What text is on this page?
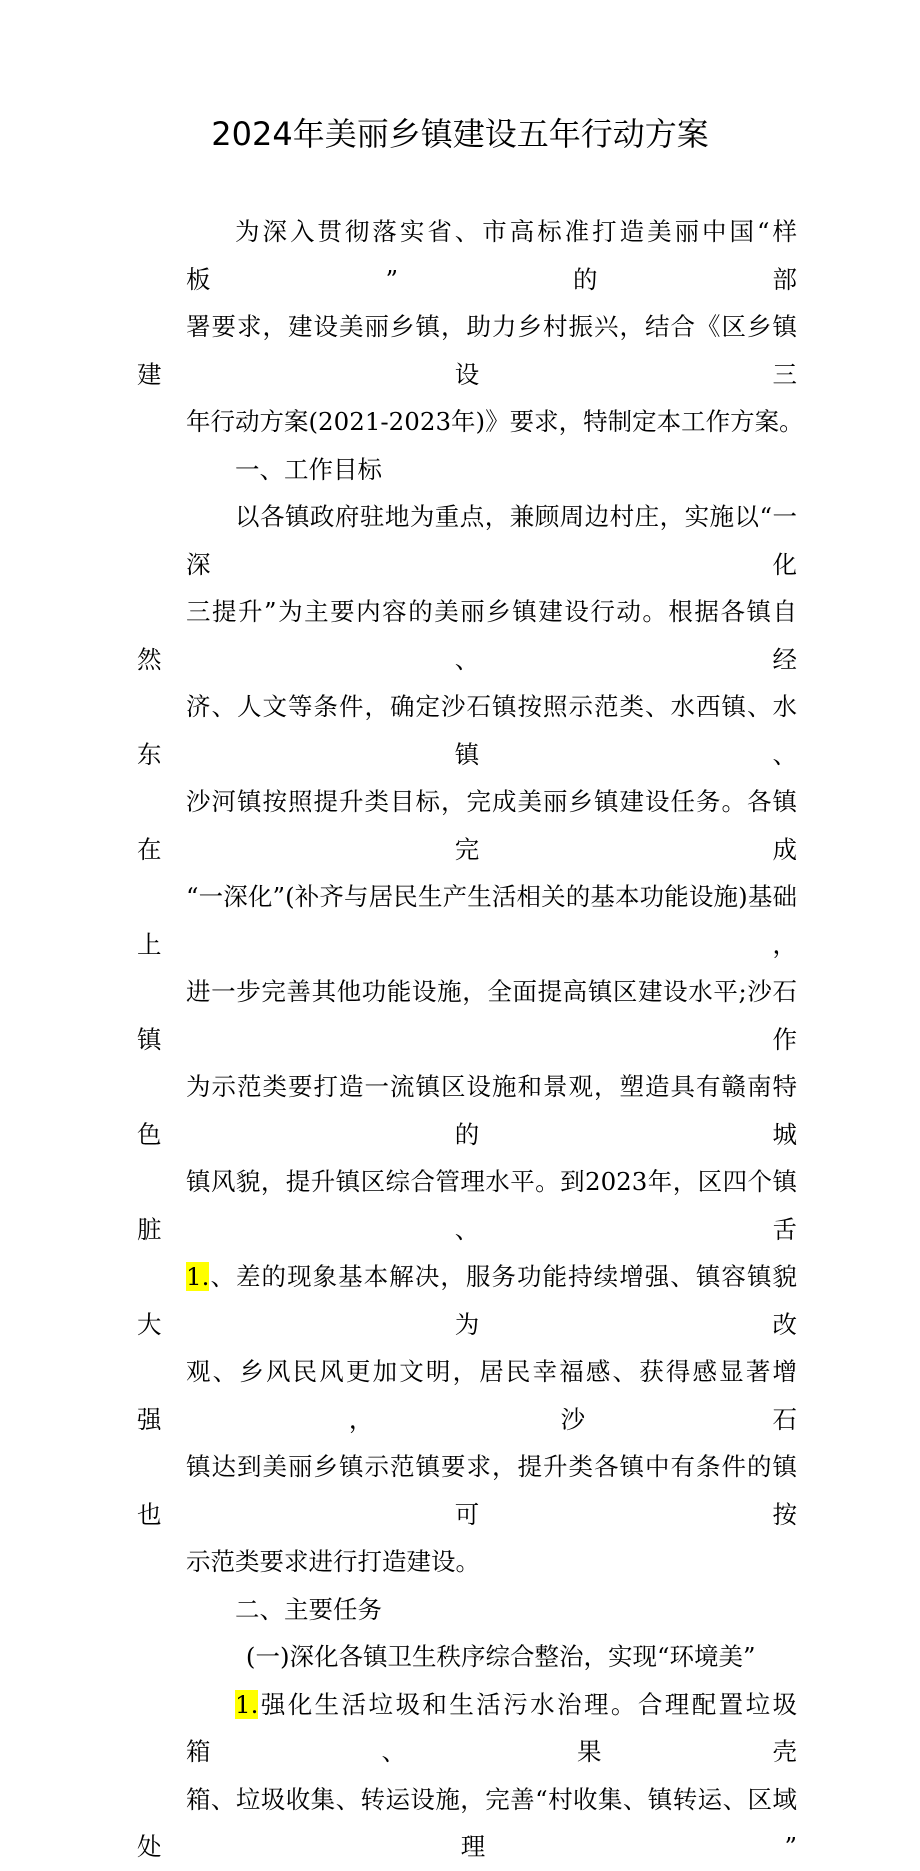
2024年美丽乡镇建设五年行动方案
为深入贯彻落实省、市高标准打造美丽中国“样板”的部
署要求，建设美丽乡镇，助力乡村振兴，结合《区乡镇建设三
年行动方案(2021-2023年)》要求，特制定本工作方案。
一、工作目标
以各镇政府驻地为重点，兼顾周边村庄，实施以“一深化
三提升”为主要内容的美丽乡镇建设行动。根据各镇自然、经
济、人文等条件，确定沙石镇按照示范类、水西镇、水东镇、
沙河镇按照提升类目标，完成美丽乡镇建设任务。各镇在完成
“一深化”(补齐与居民生产生活相关的基本功能设施)基础上，
进一步完善其他功能设施，全面提高镇区建设水平;沙石镇作
为示范类要打造一流镇区设施和景观，塑造具有赣南特色的城
镇风貌，提升镇区综合管理水平。到2023年，区四个镇脏、舌
1.、差的现象基本解决，服务功能持续增强、镇容镇貌大为改
观、乡风民风更加文明，居民幸福感、获得感显著增强，沙石
镇达到美丽乡镇示范镇要求，提升类各镇中有条件的镇也可按
示范类要求进行打造建设。
二、主要任务
(一)深化各镇卫生秩序综合整治，实现“环境美”
1.强化生活垃圾和生活污水治理。合理配置垃圾箱、果壳
箱、垃圾收集、转运设施，完善“村收集、镇转运、区域处理”
